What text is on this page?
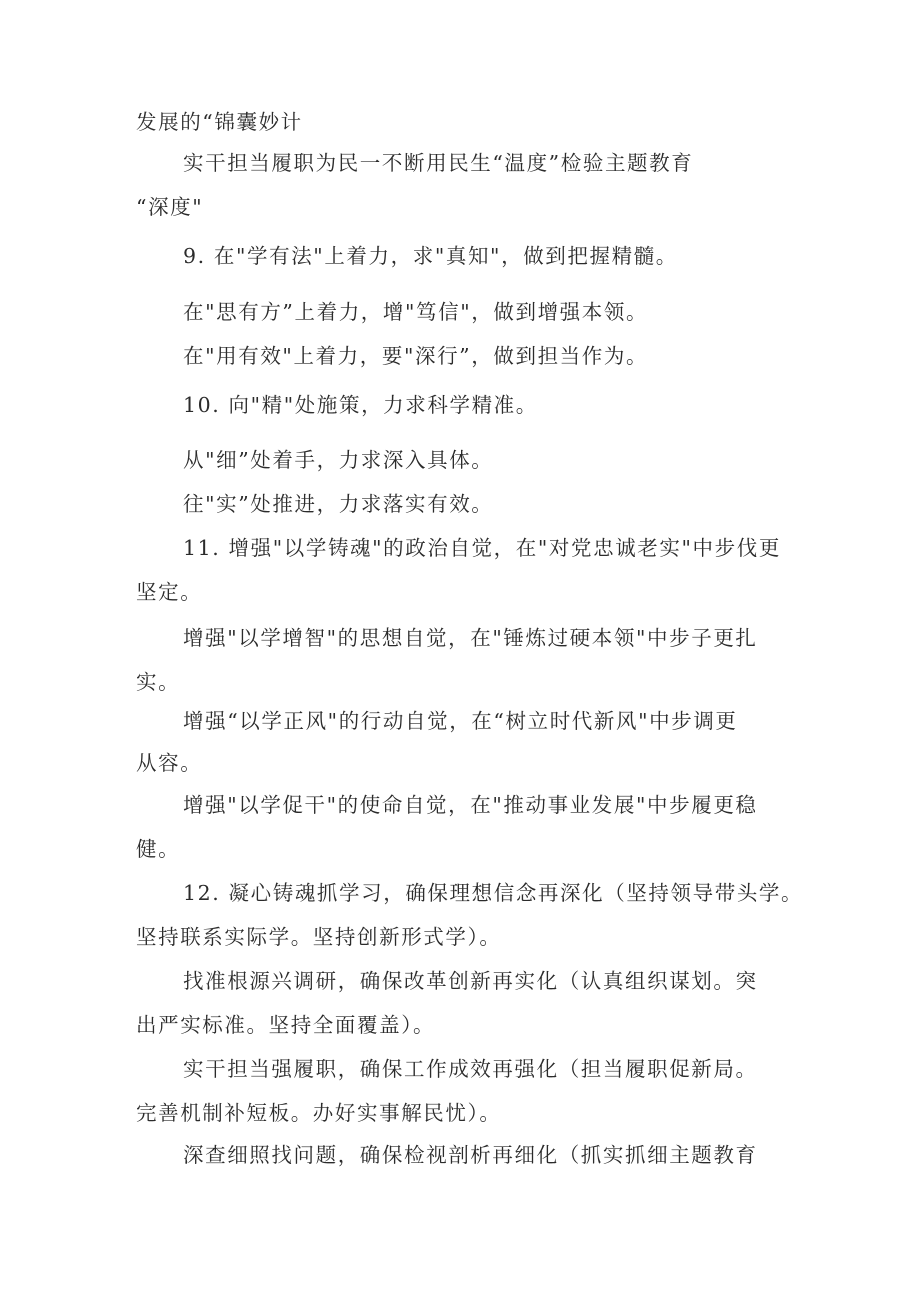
发展的“锦囊妙计
实干担当履职为民一不断用民生“温度”检验主题教育
“深度"
9. 在"学有法"上着力，求"真知"，做到把握精髓。
在"思有方”上着力，增"笃信"，做到增强本领。
在"用有效"上着力，要"深行”，做到担当作为。
10. 向"精"处施策，力求科学精准。
从"细”处着手，力求深入具体。
往"实”处推进，力求落实有效。
11. 增强"以学铸魂"的政治自觉，在"对党忠诚老实"中步伐更
坚定。
增强"以学增智"的思想自觉，在"锤炼过硬本领"中步子更扎
实。
增强“以学正风"的行动自觉，在“树立时代新风"中步调更
从容。
增强"以学促干"的使命自觉，在"推动事业发展"中步履更稳
健。
12. 凝心铸魂抓学习，确保理想信念再深化（坚持领导带头学。
坚持联系实际学。坚持创新形式学）。
找准根源兴调研，确保改革创新再实化（认真组织谋划。突
出严实标准。坚持全面覆盖）。
实干担当强履职，确保工作成效再强化（担当履职促新局。
完善机制补短板。办好实事解民忧）。
深查细照找问题，确保检视剖析再细化（抓实抓细主题教育
